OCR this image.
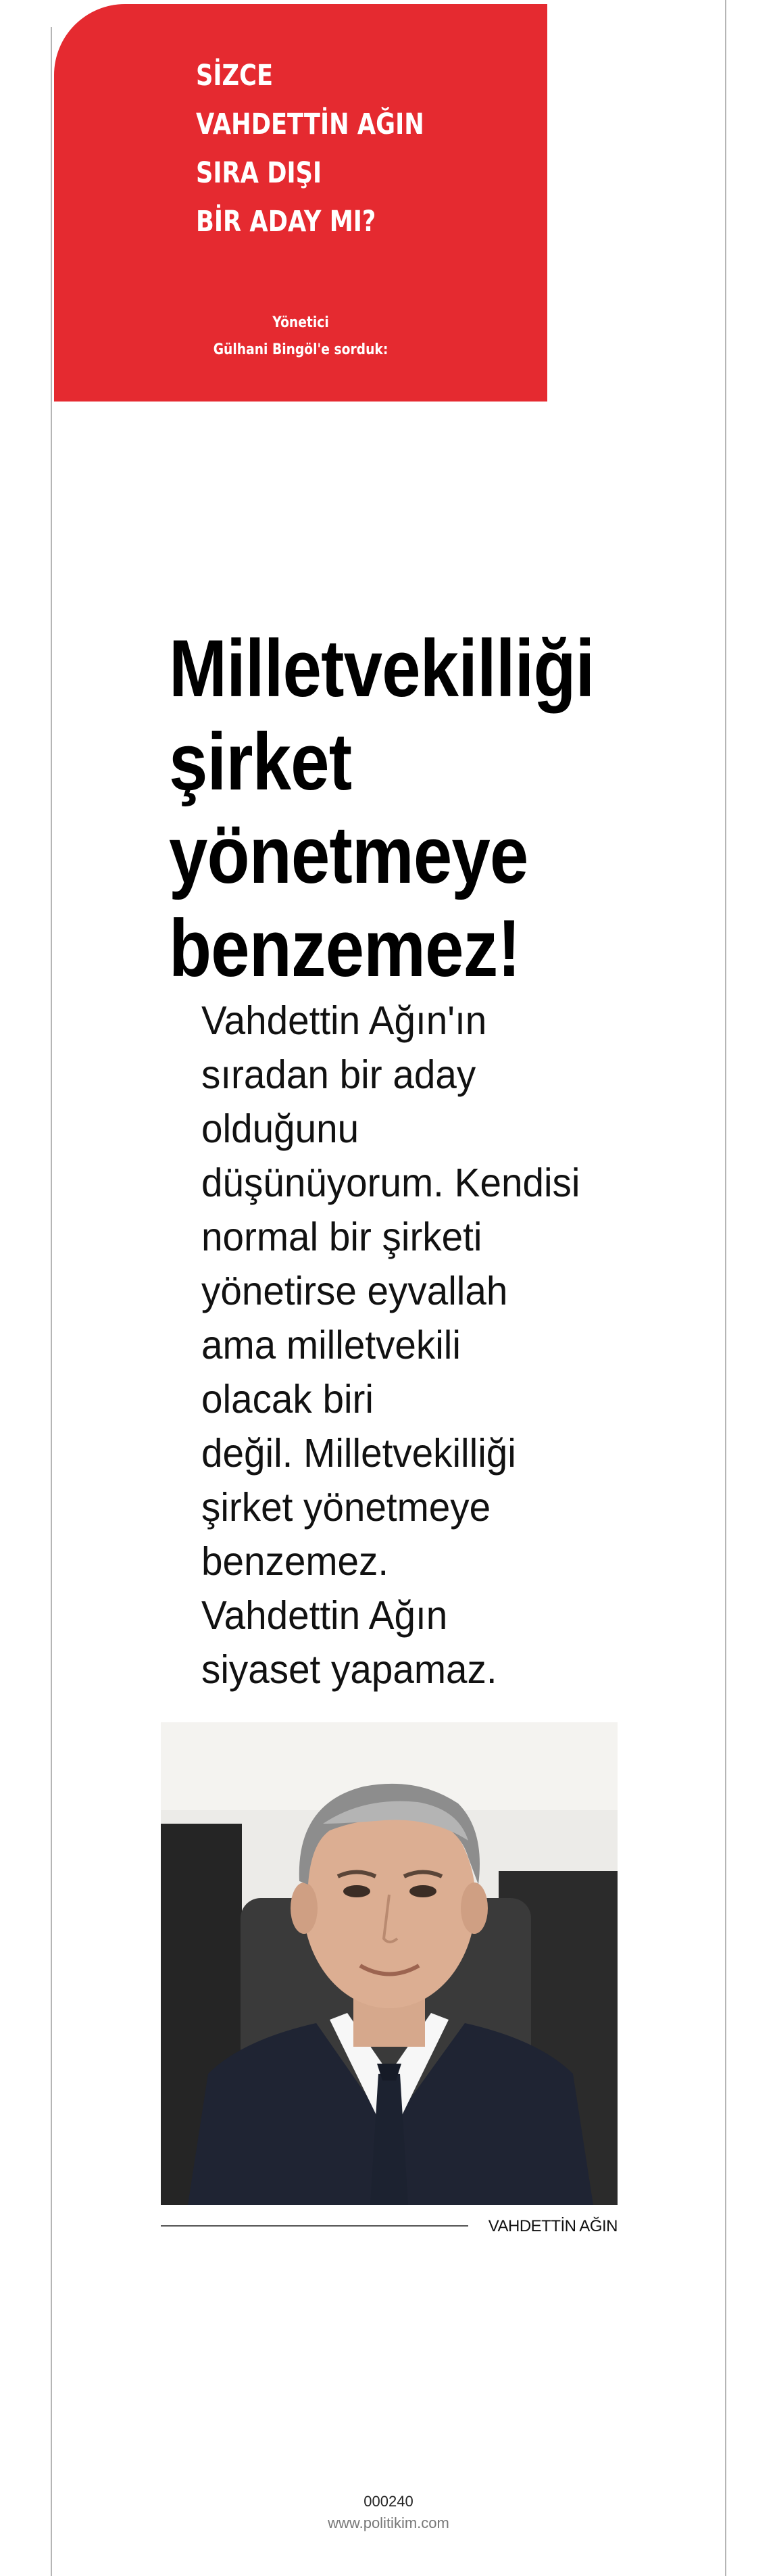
SİZCE
VAHDETTİN AĞIN
SIRA DIŞI
BİR ADAY MI?
Yönetici
Gülhani Bingöl'e sorduk:
Milletvekilliği
şirket
yönetmeye
benzemez!
Vahdettin Ağın'ın
sıradan bir aday
olduğunu
düşünüyorum. Kendisi
normal bir şirketi
yönetirse eyvallah
ama milletvekili
olacak biri
değil. Milletvekilliği
şirket yönetmeye
benzemez.
Vahdettin Ağın
siyaset yapamaz.
VAHDETTİN AĞIN
000240
www.politikim.com
